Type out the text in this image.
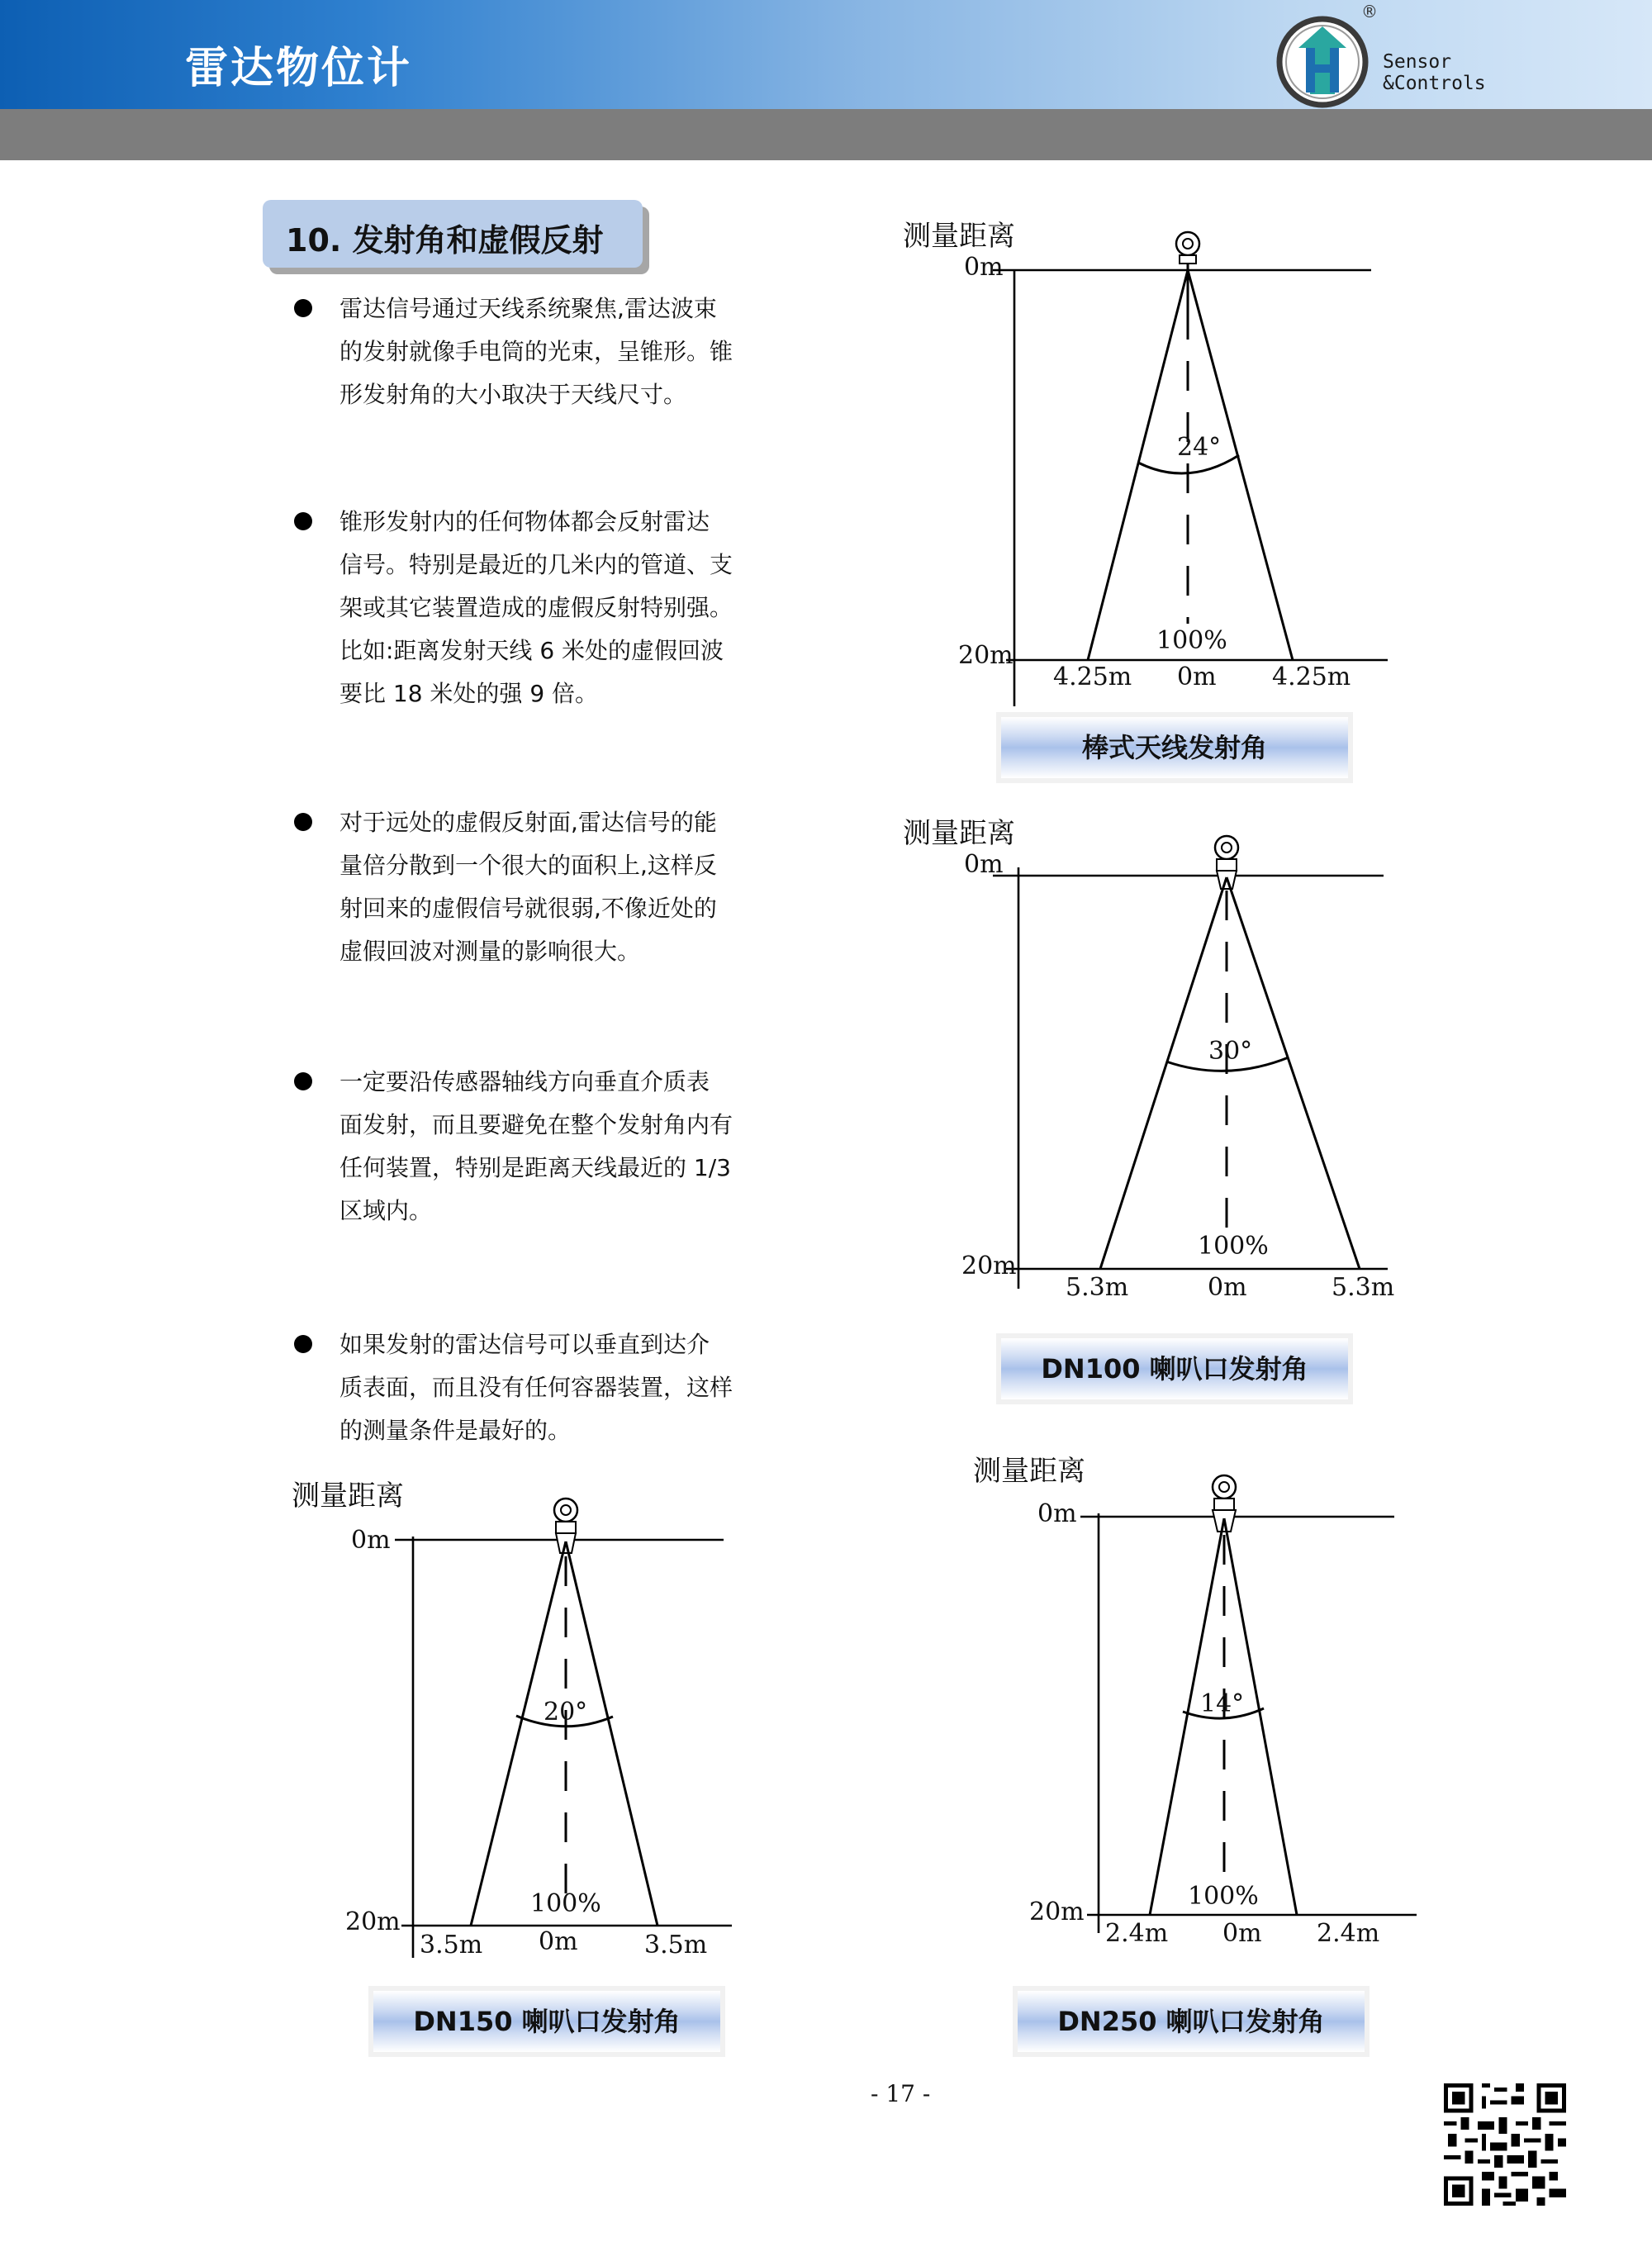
雷达物位计
®
Sensor
&Controls
10. 发射角和虚假反射
雷达信号通过天线系统聚焦,雷达波束
的发射就像手电筒的光束，呈锥形。锥
形发射角的大小取决于天线尺寸。
锥形发射内的任何物体都会反射雷达
信号。特别是最近的几米内的管道、支
架或其它装置造成的虚假反射特别强。
比如:距离发射天线 6 米处的虚假回波
要比 18 米处的强 9 倍。
对于远处的虚假反射面,雷达信号的能
量倍分散到一个很大的面积上,这样反
射回来的虚假信号就很弱,不像近处的
虚假回波对测量的影响很大。
一定要沿传感器轴线方向垂直介质表
面发射，而且要避免在整个发射角内有
任何装置，特别是距离天线最近的 1/3
区域内。
如果发射的雷达信号可以垂直到达介
质表面，而且没有任何容器装置，这样
的测量条件是最好的。
测量距离
0m
24°
100%
20m
4.25m 0m 4.25m
棒式天线发射角
测量距离
0m
30°
100%
20m
5.3m	0m	5.3m
DN100 喇叭口发射角
测量距离
0m
20°
100%
20m
3.5m 0m	3.5m
DN150 喇叭口发射角
测量距离
0m
14°
100%
20m
2.4m 0m 2.4m
DN250 喇叭口发射角
- 17 -
